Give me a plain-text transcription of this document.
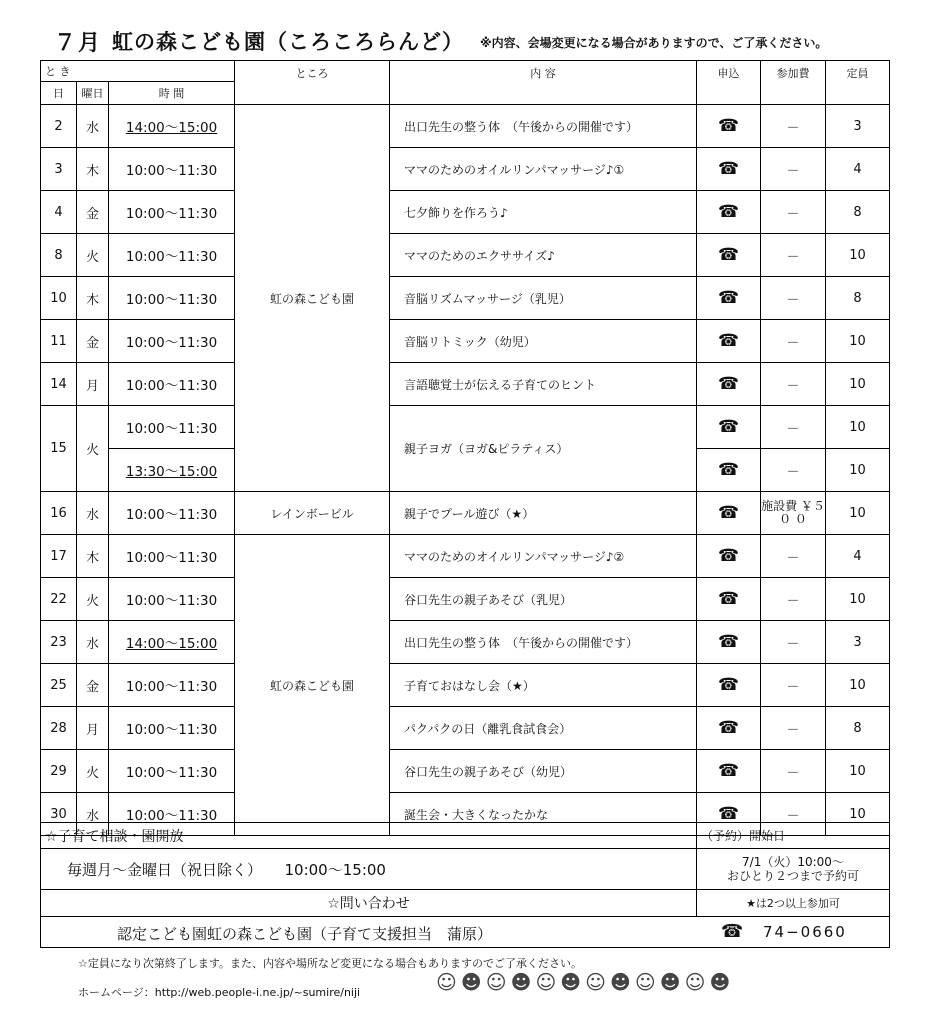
７月 虹の森こども園（ころころらんど） ※内容、会場変更になる場合がありますので、ご了承ください。
と き			ところ	内 容	申込	参加費	定員
日	曜日	時 間					
2	水	14:00〜15:00	虹の森こども園	出口先生の整う体　（午後からの開催です）	☎	－	3
3	木	10:00〜11:30		ママのためのオイルリンパマッサージ♪①	☎	－	4
4	金	10:00〜11:30		七夕飾りを作ろう♪	☎	－	8
8	火	10:00〜11:30		ママのためのエクササイズ♪	☎	－	10
10	木	10:00〜11:30		音脳リズムマッサージ（乳児）	☎	－	8
11	金	10:00〜11:30		音脳リトミック（幼児）	☎	－	10
14	月	10:00〜11:30		言語聴覚士が伝える子育てのヒント	☎	－	10
15	火	10:00〜11:30		親子ヨガ（ヨガ&ピラティス）	☎	－	10
		13:30〜15:00			☎	－	10
16	水	10:00〜11:30	レインボービル	親子でプール遊び（★）	☎	施設費 ￥５０ ０	10
17	木	10:00〜11:30	虹の森こども園	ママのためのオイルリンパマッサージ♪②	☎	－	4
22	火	10:00〜11:30		谷口先生の親子あそび（乳児）	☎	－	10
23	水	14:00〜15:00		出口先生の整う体　（午後からの開催です）	☎	－	3
25	金	10:00〜11:30		子育ておはなし会（★）	☎	－	10
28	月	10:00〜11:30		パクパクの日（離乳食試食会）	☎	－	8
29	火	10:00〜11:30		谷口先生の親子あそび（幼児）	☎	－	10
30	水	10:00〜11:30		誕生会・大きくなったかな	☎	－	10
☆子育て相談・園開放	（予約）開始日
毎週月〜金曜日（祝日除く）　　10:00〜15:00	7/1（火）10:00〜
おひとり２つまで予約可

☆問い合わせ	★は2つ以上参加可

認定こども園虹の森こども園（子育て支援担当　蒲原） ☎ 74−0660	
☆定員になり次第終了します。また、内容や場所など変更になる場合もありますのでご了承ください。
ホームページ：http://web.people-i.ne.jp/~sumire/niji	☺ ☻ ☺ ☻ ☺ ☻ ☺ ☻ ☺ ☻ ☺ ☻
